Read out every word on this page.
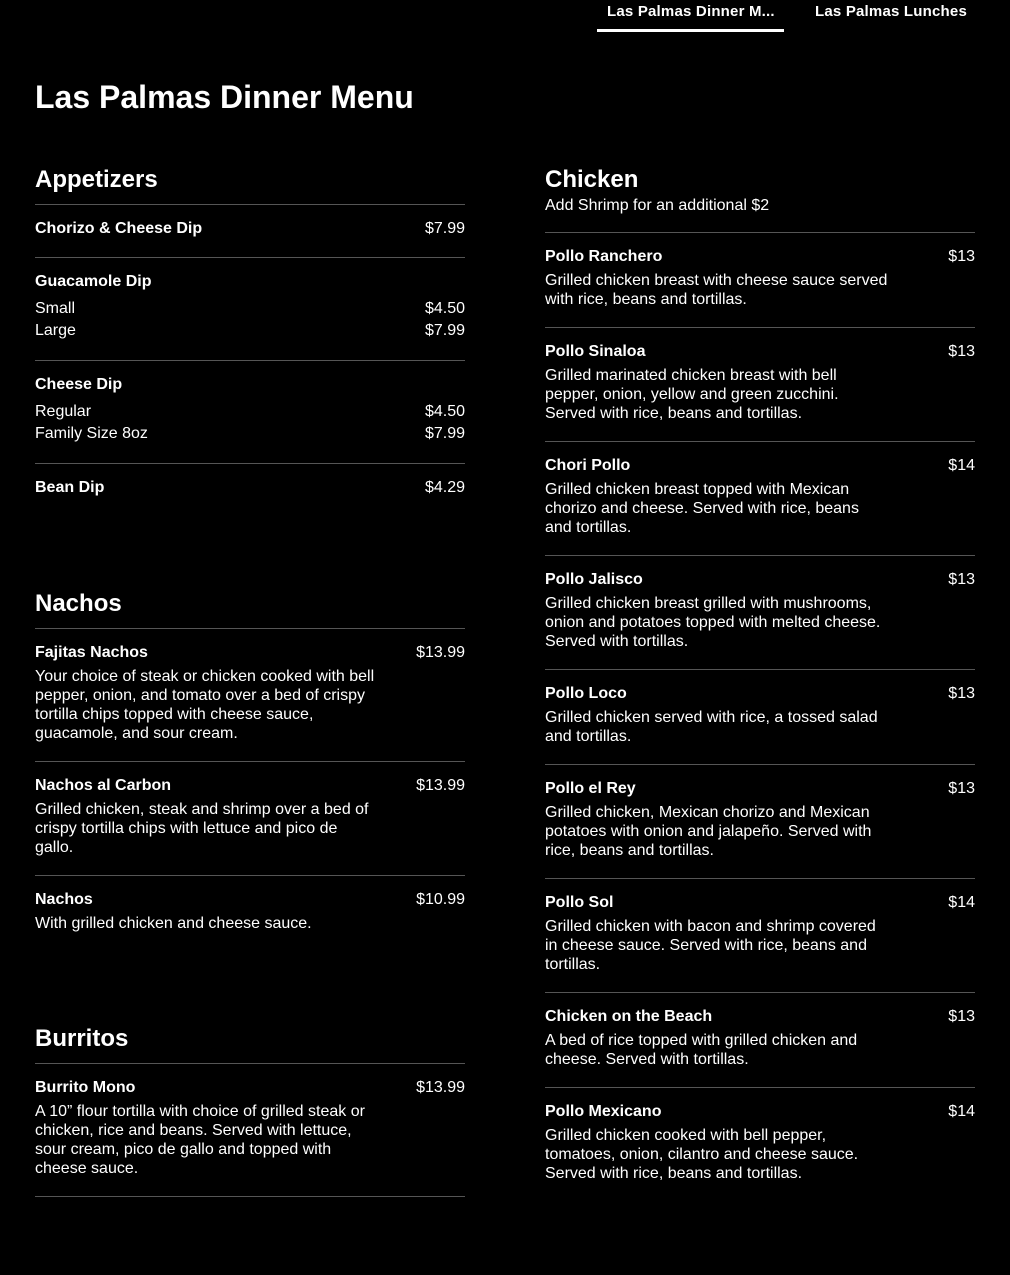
Las Palmas Dinner M...	Las Palmas Lunches
Las Palmas Dinner Menu
Appetizers
Chorizo & Cheese Dip	$7.99
Guacamole Dip
Small	$4.50
Large	$7.99
Cheese Dip
Regular	$4.50
Family Size 8oz	$7.99
Bean Dip	$4.29
Nachos
Fajitas Nachos	$13.99
Your choice of steak or chicken cooked with bell pepper, onion, and tomato over a bed of crispy tortilla chips topped with cheese sauce, guacamole, and sour cream.
Nachos al Carbon	$13.99
Grilled chicken, steak and shrimp over a bed of crispy tortilla chips with lettuce and pico de gallo.
Nachos	$10.99
With grilled chicken and cheese sauce.
Burritos
Burrito Mono	$13.99
A 10” flour tortilla with choice of grilled steak or chicken, rice and beans. Served with lettuce, sour cream, pico de gallo and topped with cheese sauce.
Chicken
Add Shrimp for an additional $2
Pollo Ranchero	$13
Grilled chicken breast with cheese sauce served with rice, beans and tortillas.
Pollo Sinaloa	$13
Grilled marinated chicken breast with bell pepper, onion, yellow and green zucchini. Served with rice, beans and tortillas.
Chori Pollo	$14
Grilled chicken breast topped with Mexican chorizo and cheese. Served with rice, beans and tortillas.
Pollo Jalisco	$13
Grilled chicken breast grilled with mushrooms, onion and potatoes topped with melted cheese. Served with tortillas.
Pollo Loco	$13
Grilled chicken served with rice, a tossed salad and tortillas.
Pollo el Rey	$13
Grilled chicken, Mexican chorizo and Mexican potatoes with onion and jalapeño. Served with rice, beans and tortillas.
Pollo Sol	$14
Grilled chicken with bacon and shrimp covered in cheese sauce. Served with rice, beans and tortillas.
Chicken on the Beach	$13
A bed of rice topped with grilled chicken and cheese. Served with tortillas.
Pollo Mexicano	$14
Grilled chicken cooked with bell pepper, tomatoes, onion, cilantro and cheese sauce. Served with rice, beans and tortillas.
